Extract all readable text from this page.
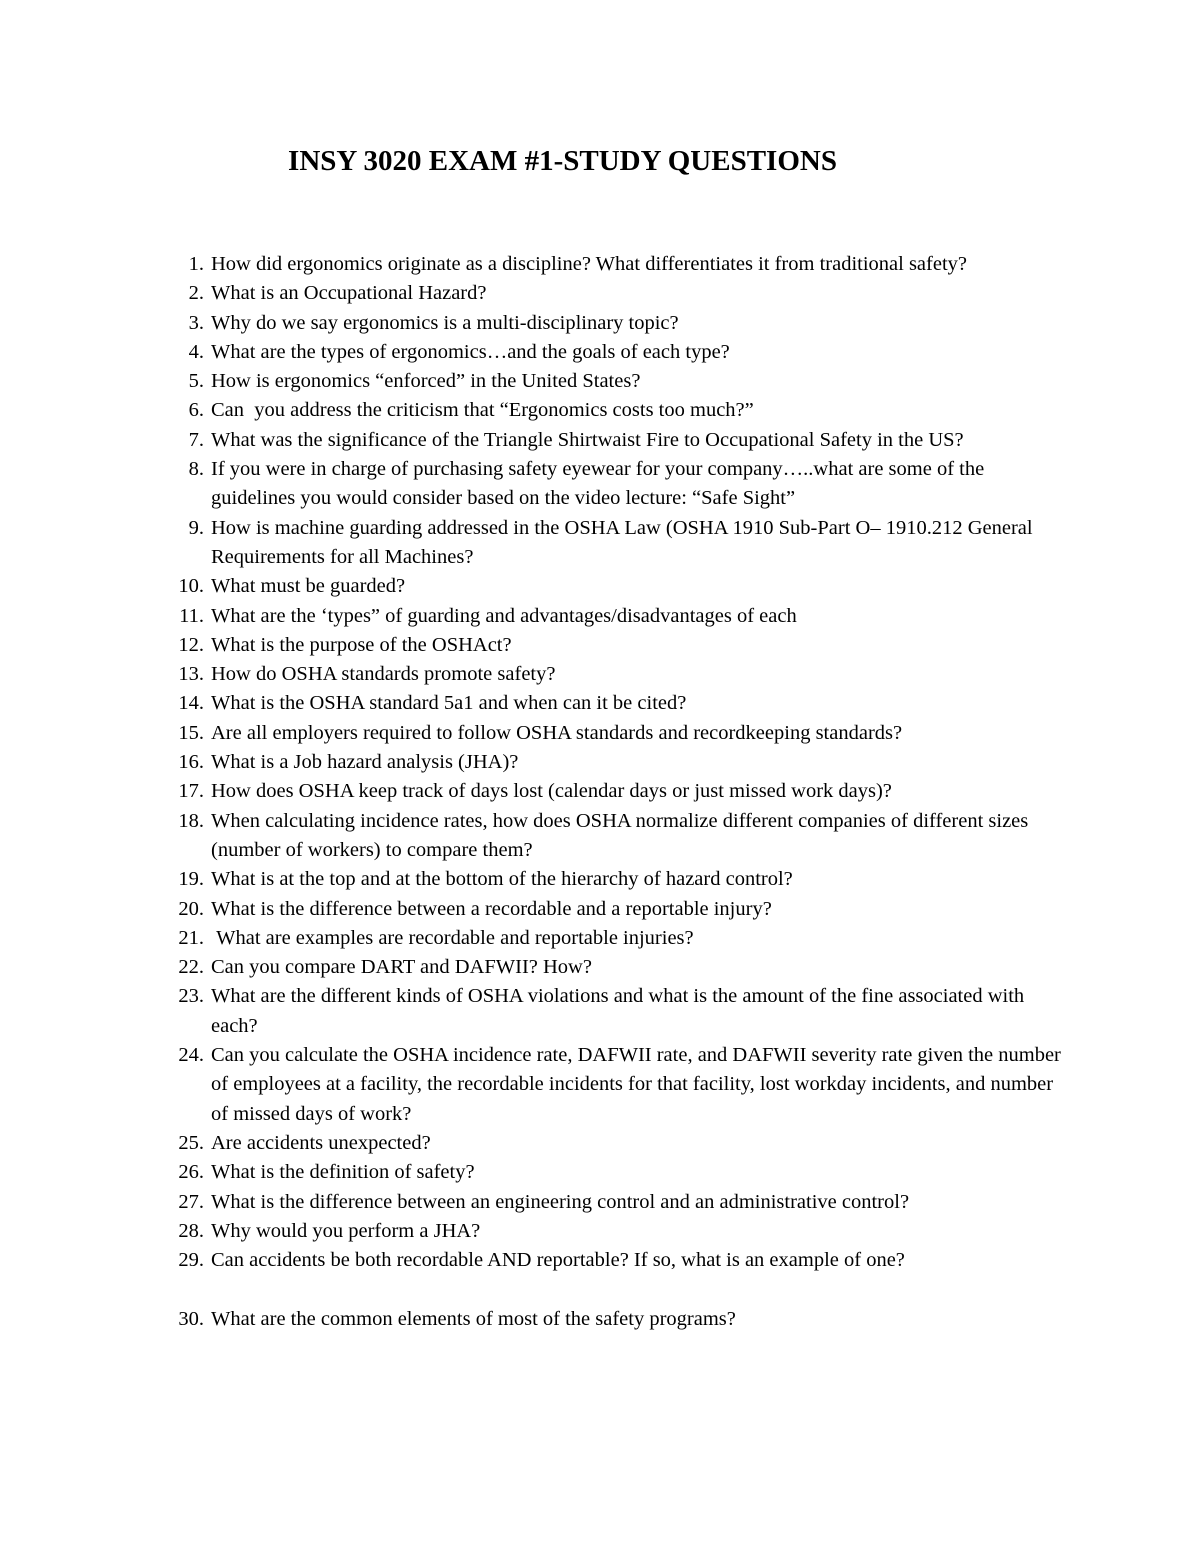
INSY 3020 EXAM #1-STUDY QUESTIONS
1. How did ergonomics originate as a discipline? What differentiates it from traditional safety?
2. What is an Occupational Hazard?
3. Why do we say ergonomics is a multi-disciplinary topic?
4. What are the types of ergonomics…and the goals of each type?
5. How is ergonomics “enforced” in the United States?
6. Can  you address the criticism that “Ergonomics costs too much?”
7. What was the significance of the Triangle Shirtwaist Fire to Occupational Safety in the US?
8. If you were in charge of purchasing safety eyewear for your company…..what are some of the guidelines you would consider based on the video lecture: “Safe Sight”
9. How is machine guarding addressed in the OSHA Law (OSHA 1910 Sub-Part O– 1910.212 General Requirements for all Machines?
10. What must be guarded?
11. What are the ‘types” of guarding and advantages/disadvantages of each
12. What is the purpose of the OSHAct?
13. How do OSHA standards promote safety?
14. What is the OSHA standard 5a1 and when can it be cited?
15. Are all employers required to follow OSHA standards and recordkeeping standards?
16. What is a Job hazard analysis (JHA)?
17. How does OSHA keep track of days lost (calendar days or just missed work days)?
18. When calculating incidence rates, how does OSHA normalize different companies of different sizes (number of workers) to compare them?
19. What is at the top and at the bottom of the hierarchy of hazard control?
20. What is the difference between a recordable and a reportable injury?
21. What are examples are recordable and reportable injuries?
22. Can you compare DART and DAFWII? How?
23. What are the different kinds of OSHA violations and what is the amount of the fine associated with each?
24. Can you calculate the OSHA incidence rate, DAFWII rate, and DAFWII severity rate given the number of employees at a facility, the recordable incidents for that facility, lost workday incidents, and number of missed days of work?
25. Are accidents unexpected?
26. What is the definition of safety?
27. What is the difference between an engineering control and an administrative control?
28. Why would you perform a JHA?
29. Can accidents be both recordable AND reportable? If so, what is an example of one?
30. What are the common elements of most of the safety programs?
